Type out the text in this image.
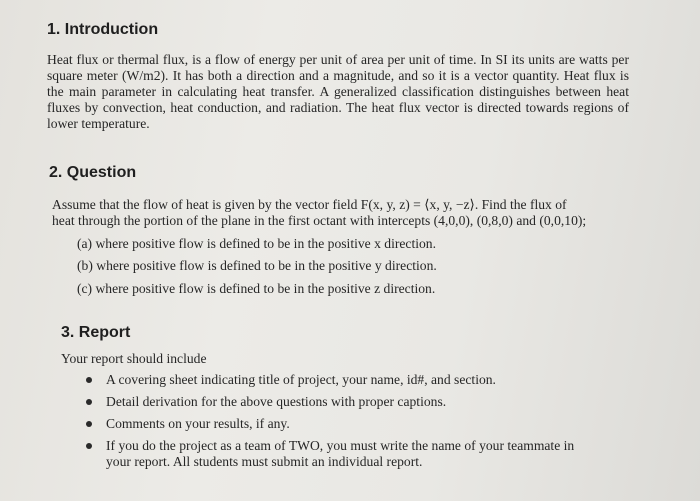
1. Introduction

Heat flux or thermal flux, is a flow of energy per unit of area per unit of time. In SI its units are watts per square meter (W/m2). It has both a direction and a magnitude, and so it is a vector quantity. Heat flux is the main parameter in calculating heat transfer. A generalized classification distinguishes between heat fluxes by convection, heat conduction, and radiation. The heat flux vector is directed towards regions of lower temperature.

2. Question

Assume that the flow of heat is given by the vector field F(x, y, z) = ⟨x, y, −z⟩. Find the flux of

heat through the portion of the plane in the first octant with intercepts (4,0,0), (0,8,0) and (0,0,10);

(a) where positive flow is defined to be in the positive x direction.

(b) where positive flow is defined to be in the positive y direction.

(c) where positive flow is defined to be in the positive z direction.

3. Report

Your report should include

A covering sheet indicating title of project, your name, id#, and section.
Detail derivation for the above questions with proper captions.
Comments on your results, if any.
If you do the project as a team of TWO, you must write the name of your teammate in
your report. All students must submit an individual report.
